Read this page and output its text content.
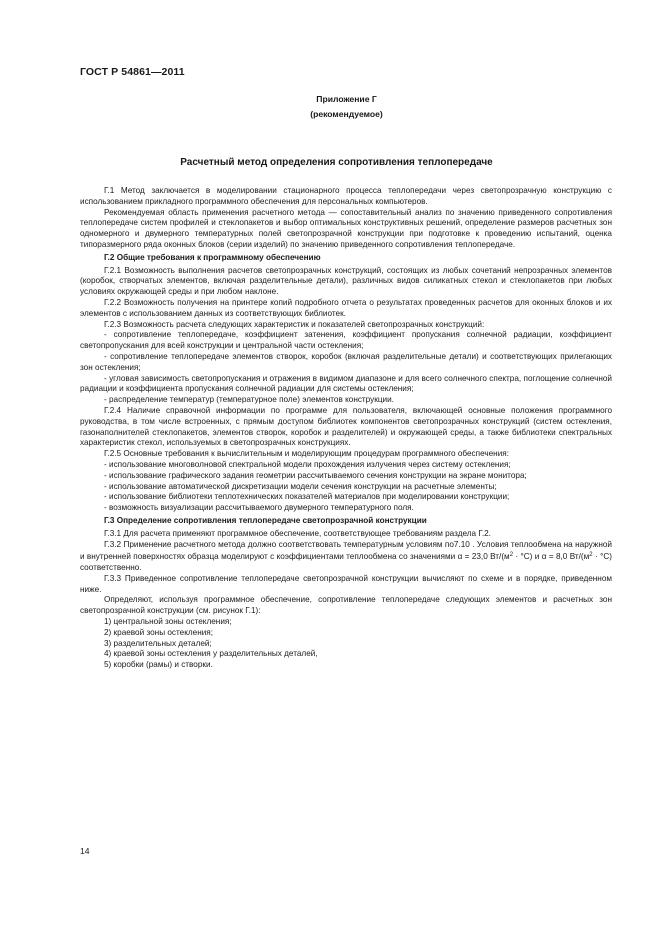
ГОСТ Р 54861—2011
Приложение Г
(рекомендуемое)
Расчетный метод определения сопротивления теплопередаче

Г.1 Метод заключается в моделировании стационарного процесса теплопередачи через светопрозрачную конструкцию с использованием прикладного программного обеспечения для персональных компьютеров.

Рекомендуемая область применения расчетного метода — сопоставительный анализ по значению приведенного сопротивления теплопередаче систем профилей и стеклопакетов и выбор оптимальных конструктивных решений, определение размеров расчетных зон одномерного и двумерного температурных полей светопрозрачной конструкции при подготовке к проведению испытаний, оценка типоразмерного ряда оконных блоков (серии изделий) по значению приведенного сопротивления теплопередаче.

Г.2 Общие требования к программному обеспечению

Г.2.1 Возможность выполнения расчетов светопрозрачных конструкций, состоящих из любых сочетаний непрозрачных элементов (коробок, створчатых элементов, включая разделительные детали), различных видов силикатных стекол и стеклопакетов при любых условиях окружающей среды и при любом наклоне.

Г.2.2 Возможность получения на принтере копий подробного отчета о результатах проведенных расчетов для оконных блоков и их элементов с использованием данных из соответствующих библиотек.

Г.2.3 Возможность расчета следующих характеристик и показателей светопрозрачных конструкций:

- сопротивление теплопередаче, коэффициент затенения, коэффициент пропускания солнечной радиации, коэффициент светопропускания для всей конструкции и центральной части остекления;

- сопротивление теплопередаче элементов створок, коробок (включая разделительные детали) и соответствующих прилегающих зон остекления;

- угловая зависимость светопропускания и отражения в видимом диапазоне и для всего солнечного спектра, поглощение солнечной радиации и коэффициента пропускания солнечной радиации для системы остекления;

- распределение температур (температурное поле) элементов конструкции.

Г.2.4 Наличие справочной информации по программе для пользователя, включающей основные положения программного руководства, в том числе встроенных, с прямым доступом библиотек компонентов светопрозрачных конструкций (систем остекления, газонаполнителей стеклопакетов, элементов створок, коробок и разделителей) и окружающей среды, а также библиотеки спектральных характеристик стекол, используемых в светопрозрачных конструкциях.

Г.2.5 Основные требования к вычислительным и моделирующим процедурам программного обеспечения:

- использование многоволновой спектральной модели прохождения излучения через систему остекления;

- использование графического задания геометрии рассчитываемого сечения конструкции на экране монитора;

- использование автоматической дискретизации модели сечения конструкции на расчетные элементы;

- использование библиотеки теплотехнических показателей материалов при моделировании конструкции;

- возможность визуализации рассчитываемого двумерного температурного поля.

Г.3 Определение сопротивления теплопередаче светопрозрачной конструкции

Г.3.1 Для расчета применяют программное обеспечение, соответствующее требованиям раздела Г.2.

Г.3.2 Применение расчетного метода должно соответствовать температурным условиям по7.10 . Условия теплообмена на наружной и внутренней поверхностях образца моделируют с коэффициентами теплообмена со значениями α = 23,0 $Вт/(м^2 \cdot ^\circ С)$ и α = 8,0 $Вт/(м^2 \cdot ^\circ С)$ соответственно.

Г.3.3 Приведенное сопротивление теплопередаче светопрозрачной конструкции вычисляют по схеме и в порядке, приведенном ниже.

Определяют, используя программное обеспечение, сопротивление теплопередаче следующих элементов и расчетных зон светопрозрачной конструкции (см. рисунок Г.1):

1) центральной зоны остекления;

2) краевой зоны остекления;

3) разделительных деталей;

4) краевой зоны остекления у разделительных деталей,

5) коробки (рамы) и створки.

14
